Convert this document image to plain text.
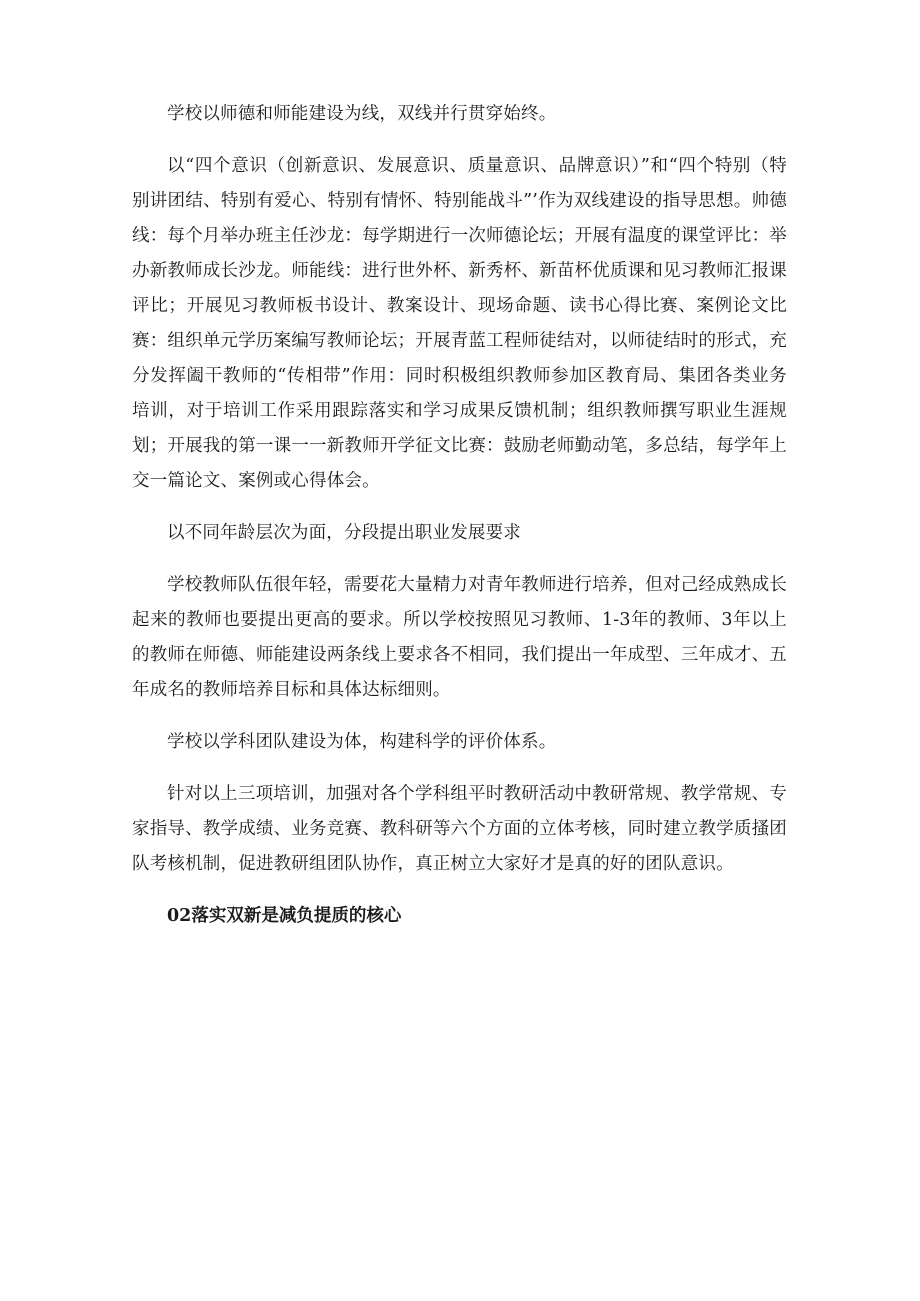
学校以师德和师能建设为线，双线并行贯穿始终。

以“四个意识（创新意识、发展意识、质量意识、品牌意识）”和“四个特别（特别讲团结、特别有爱心、特别有情怀、特别能战斗”’作为双线建设的指导思想。帅德线：每个月举办班主任沙龙：每学期进行一次师德论坛；开展有温度的课堂评比：举办新教师成长沙龙。师能线：进行世外杯、新秀杯、新苗杯优质课和见习教师汇报课评比；开展见习教师板书设计、教案设计、现场命题、读书心得比赛、案例论文比赛：组织单元学历案编写教师论坛；开展青蓝工程师徒结对，以师徒结时的形式，充分发挥阖干教师的“传相带”作用：同时积极组织教师参加区教育局、集团各类业务培训，对于培训工作采用跟踪落实和学习成果反馈机制；组织教师撰写职业生涯规划；开展我的第一课一一新教师开学征文比赛：鼓励老师勤动笔，多总结，每学年上交一篇论文、案例或心得体会。

以不同年龄层次为面，分段提出职业发展要求

学校教师队伍很年轻，需要花大量精力对青年教师进行培养，但对己经成熟成长起来的教师也要提出更高的要求。所以学校按照见习教师、1-3年的教师、3年以上的教师在师德、师能建设两条线上要求各不相同，我们提出一年成型、三年成才、五年成名的教师培养目标和具体达标细则。

学校以学科团队建设为体，构建科学的评价体系。

针对以上三项培训，加强对各个学科组平时教研活动中教研常规、教学常规、专家指导、教学成绩、业务竞赛、教科研等六个方面的立体考核，同时建立教学质搔团队考核机制，促进教研组团队协作，真正树立大家好才是真的好的团队意识。

02落实双新是减负提质的核心
